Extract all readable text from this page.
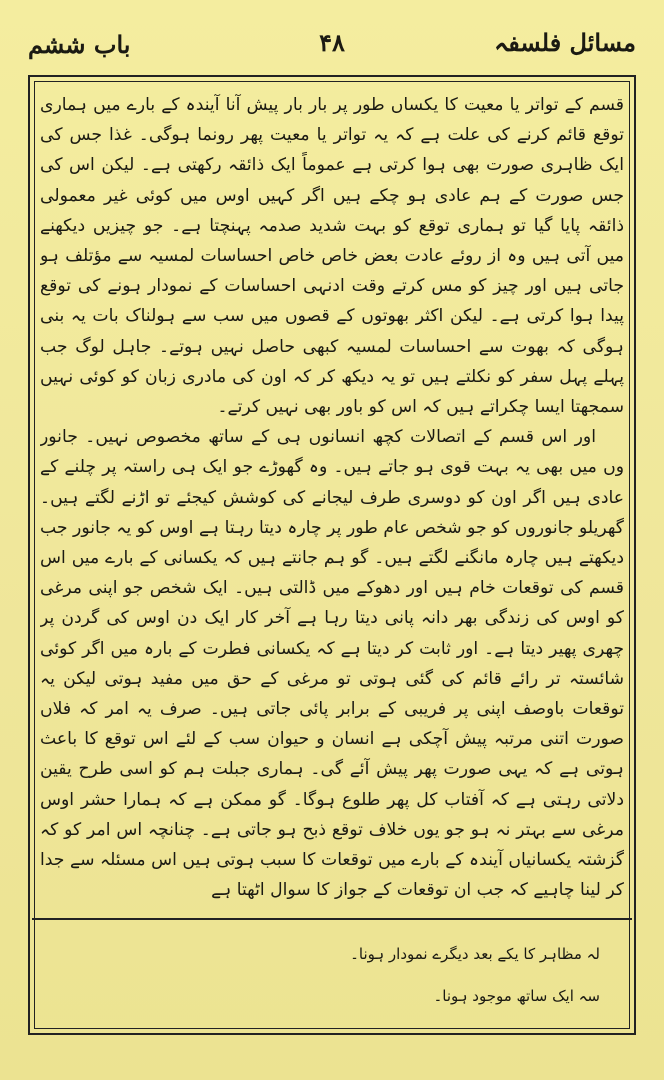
مسائل فلسفہ
۴۸
باب ششم

قسم کے تواتر یا معیت کا یکساں طور پر بار بار پیش آنا آیندہ کے بارے میں ہماری توقع قائم کرنے کی علت ہے کہ یہ تواتر یا معیت پھر رونما ہوگی۔ غذا جس کی ایک ظاہری صورت بھی ہوا کرتی ہے عموماً ایک ذائقہ رکھتی ہے۔ لیکن اس کی جس صورت کے ہم عادی ہو چکے ہیں اگر کہیں اوس میں کوئی غیر معمولی ذائقہ پایا گیا تو ہماری توقع کو بہت شدید صدمہ پہنچتا ہے۔ جو چیزیں دیکھنے میں آتی ہیں وہ از روئے عادت بعض خاص خاص احساسات لمسیہ سے مؤتلف ہو جاتی ہیں اور چیز کو مس کرتے وقت ادنہی احساسات کے نمودار ہونے کی توقع پیدا ہوا کرتی ہے۔ لیکن اکثر بھوتوں کے قصوں میں سب سے ہولناک بات یہ بنی ہوگی کہ بھوت سے احساسات لمسیہ کبھی حاصل نہیں ہوتے۔ جاہل لوگ جب پہلے پہل سفر کو نکلتے ہیں تو یہ دیکھ کر کہ اون کی مادری زبان کو کوئی نہیں سمجھتا ایسا چکراتے ہیں کہ اس کو باور بھی نہیں کرتے۔

اور اس قسم کے اتصالات کچھ انسانوں ہی کے ساتھ مخصوص نہیں۔ جانور وں میں بھی یہ بہت قوی ہو جاتے ہیں۔ وہ گھوڑے جو ایک ہی راستہ پر چلنے کے عادی ہیں اگر اون کو دوسری طرف لیجانے کی کوشش کیجئے تو اڑنے لگتے ہیں۔ گھریلو جانوروں کو جو شخص عام طور پر چارہ دیتا رہتا ہے اوس کو یہ جانور جب دیکھتے ہیں چارہ مانگنے لگتے ہیں۔ گو ہم جانتے ہیں کہ یکسانی کے بارے میں اس قسم کی توقعات خام ہیں اور دھوکے میں ڈالتی ہیں۔ ایک شخص جو اپنی مرغی کو اوس کی زندگی بھر دانہ پانی دیتا رہا ہے آخر کار ایک دن اوس کی گردن پر چھری پھیر دیتا ہے۔ اور ثابت کر دیتا ہے کہ یکسانی فطرت کے بارہ میں اگر کوئی شائستہ تر رائے قائم کی گئی ہوتی تو مرغی کے حق میں مفید ہوتی لیکن یہ توقعات باوصف اپنی پر فریبی کے برابر پائی جاتی ہیں۔ صرف یہ امر کہ فلاں صورت اتنی مرتبہ پیش آچکی ہے انسان و حیوان سب کے لئے اس توقع کا باعث ہوتی ہے کہ یہی صورت پھر پیش آئے گی۔ ہماری جبلت ہم کو اسی طرح یقین دلاتی رہتی ہے کہ آفتاب کل پھر طلوع ہوگا۔ گو ممکن ہے کہ ہمارا حشر اوس مرغی سے بہتر نہ ہو جو یوں خلاف توقع ذبح ہو جاتی ہے۔ چنانچہ اس امر کو کہ گزشتہ یکسانیاں آیندہ کے بارے میں توقعات کا سبب ہوتی ہیں اس مسئلہ سے جدا کر لینا چاہیے کہ جب ان توقعات کے جواز کا سوال اٹھتا ہے

لہ مظاہر کا یکے بعد دیگرے نمودار ہونا۔
سہ ایک ساتھ موجود ہونا۔
